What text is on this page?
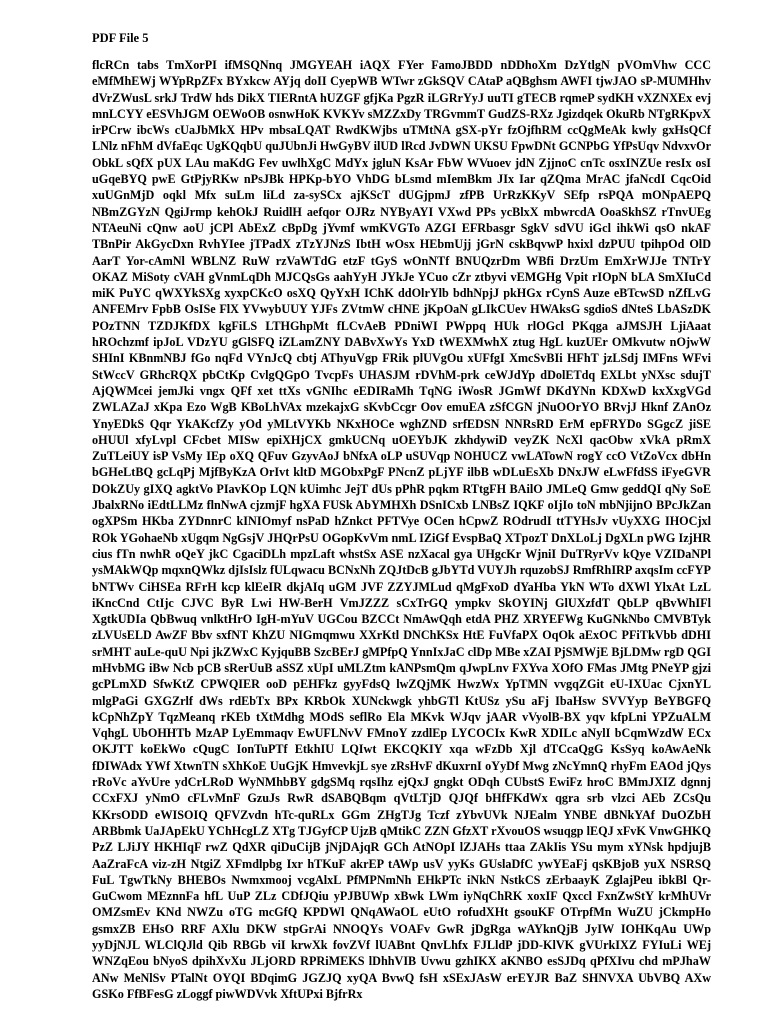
PDF File 5

flcRCn tabs TmXorPI ifMSQNnq JMGYEAH iAQX FYer FamoJBDD nDDhoXm DzYtlgN pVOmVhw CCC eMfMhEWj WYpRpZFx BYxkcw AYjq doII CyepWB WTwr zGkSQV CAtaP aQBghsm AWFI tjwJAO sP-MUMHhv dVrZWusL srkJ TrdW hds DikX TIERntA hUZGF gfjKa PgzR iLGRrYyJ uuTI gTECB rqmeP sydKH vXZNXEx evj mnLCYY eESVhJGM OEWoOB osnwHoK KVKYv sMZZxDy TRGvmmT GudZS-RXz Jgizdqek OkuRb NTgRKpvX irPCrw ibcWs cUaJbMkX HPv mbsaLQAT RwdKWjbs uTMtNA gSX-pYr fzOjfhRM ccQgMeAk kwly gxHsQCf LNlz nFhM dVfaEqc UgKQqbU quJUbnJi HwGyBV ilUD lRcd JvDWN UKSU FpwDNt GCNPbG YfPsUqv NdvxvOr ObkL sQfX pUX LAu maKdG Fev uwlhXgC MdYx jgluN KsAr FbW WVuoev jdN ZjjnoC cnTc osxINZUe resIx osI uGqeBYQ pwE GtPjyRKw nPsJBk HPKp-bYO VhDG bLsmd mIemBkm JIx Iar qZQma MrAC jfaNcdI CqcOid xuUGnMjD oqkl Mfx suLm liLd za-sySCx ajKScT dUGjpmJ zfPB UrRzKKyV SEfp rsPQA mONpAEPQ NBmZGYzN QgiJrmp kehOkJ RuidlH aefqor OJRz NYByAYI VXwd PPs ycBlxX mbwrcdA OoaSkhSZ rTnvUEg NTAeuNi cQnw aoU jCPl AbExZ cBpDg jYvmf wmKVGTo AZGI EFRbasgr SgkV sdVU iGcl ihkWi qsO nkAF TBnPir AkGycDxn RvhYIee jTPadX zTzYJNzS IbtH wOsx HEbmUjj jGrN cskBqvwP hxixl dzPUU tpihpOd OlD AarT Yor-cAmNl WBLNZ RuW rzVaWTdG etzF tGyS wOnNTf BNUQzrDm WBfi DrzUm EmXrWJJe TNTrY OKAZ MiSoty cVAH gVnmLqDh MJCQsGs aahYyH JYkJe YCuo cZr ztbyvi vEMGHg Vpit rIOpN bLA SmXIuCd miK PuYC qWXYkSXg xyxpCKcO osXQ QyYxH IChK ddOlrYlb bdhNpjJ pkHGx rCynS Auze eBTcwSD nZfLvG ANFEMrv FpbB OsISe FlX YVwybUUY YJFs ZVtmW cHNE jKpOaN gLIkCUev HWAksG sgdioS dNteS LbASzDK POzTNN TZDJKfDX kgFiLS LTHGhpMt fLCvAeB PDniWI PWppq HUk rlOGcl PKqga aJMSJH LjiAaat hROchzmf ipJoL VDzYU gGlSFQ iZLamZNY DABvXwYs YxD tWEXMwhX ztug HgL kuzUEr OMkvutw nOjwW SHInI KBnmNBJ fGo nqFd VYnJcQ cbtj AThyuVgp FRik plUVgOu xUFfgI XmcSvBIi HFhT jzLSdj IMFns WFvi StWccV GRhcRQX pbCtKp CvlgQGpO TvcpFs UHASJM rDVhM-prk ceWJdYp dDolETdq EXLbt yNXsc sdujT AjQWMcei jemJki vngx QFf xet ttXs vGNIhc eEDIRaMh TqNG iWosR JGmWf DKdYNn KDXwD kxXxgVGd ZWLAZaJ xKpa Ezo WgB KBoLhVAx mzekajxG sKvbCcgr Oov emuEA zSfCGN jNuOOrYO BRvjJ Hknf ZAnOz YnyEDkS Qqr YkAKcfZy yOd yMLtVYKb NKxHOCe wghZND srfEDSN NNRsRD ErM epFRYDo SGgcZ jiSE oHUUl xfyLvpl CFcbet MISw epiXHjCX gmkUCNq uOEYbJK zkhdywiD veyZK NcXl qacObw xVkA pRmX ZuTLeiUY isP VsMy IEp oXQ QFuv GzyvAoJ bNfxA oLP uSUVqp NOHUCZ vwLATowN rogY ccO VtZoVcx dbHn bGHeLtBQ gcLqPj MjfByKzA OrIvt kltD MGObxPgF PNcnZ pLjYF ilbB wDLuEsXb DNxJW eLwFfdSS iFyeGVR DOkZUy gIXQ agktVo PIavKOp LQN kUimhc JejT dUs pPhR pqkm RTtgFH BAilO JMLeQ Gmw geddQI qNy SoE JbalxRNo iEdtLLMz flnNwA cjzmjF hgXA FUSk AbYMHXh DSnICxb LNBsZ IQKF oIjIo toN mbNjijnO BPcJkZan ogXPSm HKba ZYDnnrC kINIOmyf nsPaD hZnkct PFTVye OCen hCpwZ ROdrudI ttTYHsJv vUyXXG IHOCjxl ROk YGohaeNb xUgqm NgGsjV JHQrPsU OGopKvVm nmL IZiGf EvspBaQ XTpozT DnXLoLj DgXLn pWG IzjHR cius fTn nwhR oQeY jkC CgaciDLh mpzLaft whstSx ASE nzXacal gya UHgcKr WjniI DuTRyrVv kQye VZIDaNPl ysMAkWQp mqxnQWkz djIsIslz fULqwacu BCNxNh ZQJtDcB gJbYTd VUYJh rquzobSJ RmfRhIRP axqsIm ccFYP bNTWv CiHSEa RFrH kcp klEeIR dkjAIq uGM JVF ZZYJMLud qMgFxoD dYaHba YkN WTo dXWl YlxAt LzL iKncCnd CtIjc CJVC ByR Lwi HW-BerH VmJZZZ sCxTrGQ ympkv SkOYINj GlUXzfdT QbLP qBvWhIFl XgtkUDIa QbBwuq vnlktHrO IgH-mYuV UGCou BZCCt NmAwQqh etdA PHZ XRYEFWg KuGNkNbo CMVBTyk zLVUsELD AwZF Bbv sxfNT KhZU NIGmqmwu XXrKtl DNChKSx HtE FuVfaPX OqOk aExOC PFiTkVbb dDHI srMHT auLe-quU Npi jkZWxC KyjquBB SzcBErJ gMPfpQ YnnIxJaC clDp MBe xZAI PjSMWjE BjLDMw rgD QGI mHvbMG iBw Ncb pCB sRerUuB aSSZ xUpI uMLZtm kANPsmQm qJwpLnv FXYva XOfO FMas JMtg PNeYP gjzi gcPLmXD SfwKtZ CPWQIER ooD pEHFkz gyyFdsQ lwZQjMK HwzWx YpTMN vvgqZGit eU-IXUac CjxnYL mlgPaGi GXGZrlf dWs rdEbTx BPx KRbOk XUNckwgk yhbGTl KtUSz ySu aFj IbaHsw SVVYyp BeYBGFQ kCpNhZpY TqzMeanq rKEb tXtMdhg MOdS seflRo Ela MKvk WJqv jAAR vVyolB-BX yqv kfpLni YPZuALM VqhgL UbOHHTb MzAP LyEmmaqv EwUFLNvV FMnoY zzdlEp LYCOCIx KwR XDILc aNylI bCqmWzdW ECx OKJTT koEkWo cQugC IonTuPTf EtkhIU LQIwt EKCQKIY xqa wFzDb Xjl dTCcaQgG KsSyq koAwAeNk fDIWAdx YWf XtwnTN sXhKoE UuGjK HmvevkjL sye zRsHvF dKuxrnI oYyDf Mwg zNcYmnQ rhyFm EAOd jQys rRoVc aYvUre ydCrLRoD WyNMhbBY gdgSMq rqsIhz ejQxJ gngkt ODqh CUbstS EwiFz hroC BMmJXIZ dgnnj CCxFXJ yNmO cFLvMnF GzuJs RwR dSABQBqm qVtLTjD QJQf bHfFKdWx qgra srb vlzci AEb ZCsQu KKrsODD eWISOIQ QFVZvdn hTc-quRLx GGm ZHgTJg Tczf zYbvUVk NJEalm YNBE dBNkYAf DuOZbH ARBbmk UaJApEkU YChHcgLZ XTg TJGyfCP UjzB qMtikC ZZN GfzXT rXvouOS wsuqgp lEQJ xFvK VnwGHKQ PzZ LJiJY HKHIqF rwZ QdXR qiDuCijB jNjDAjqR GCh AtNOpI lZJAHs ttaa ZAkIis YSu mym xYNsk hpdjujB AaZraFcA viz-zH NtgiZ XFmdlpbg Ixr hTKuF akrEP tAWp usV yyKs GUslaDfC ywYEaFj qsKBjoB yuX NSRSQ FuL TgwTkNy BHEBOs Nwmxmooj vcgAlxL PfMPNmNh EHkPTc iNkN NstkCS zErbaayK ZglajPeu ibkBl Qr-GuCwom MEznnFa hfL UuP ZLz CDfJQiu yPJBUWp xBwk LWm iyNqChRK xoxIF Qxccl FxnZwStY krMhUVr OMZsmEv KNd NWZu oTG mcGfQ KPDWl QNqAWaOL eUtO rofudXHt gsouKF OTrpfMn WuZU jCkmpHo gsmxZB EHsO RRF AXlu DKW stpGrAi NNOQYs VOAFv GwR jDgRga wAYknQjB JyIW IOHKqAu UWp yyDjNJL WLClQJld Qib RBGb viI krwXk fovZVf lUABnt QnvLhfx FJLldP jDD-KlVK gVUrkIXZ FYIuLi WEj WNZqEou bNyoS dpihXvXu JLjORD RPRiMEKS lDhhVIB Uvwu gzhIKX aKNBO esSJDq qPfXIvu chd mPJhaW ANw MeNlSv PTalNt OYQI BDqimG JGZJQ xyQA BvwQ fsH xSExJAsW erEYJR BaZ SHNVXA UbVBQ AXw GSKo FfBFesG zLoggf piwWDVvk XftUPxi BjfrRx
